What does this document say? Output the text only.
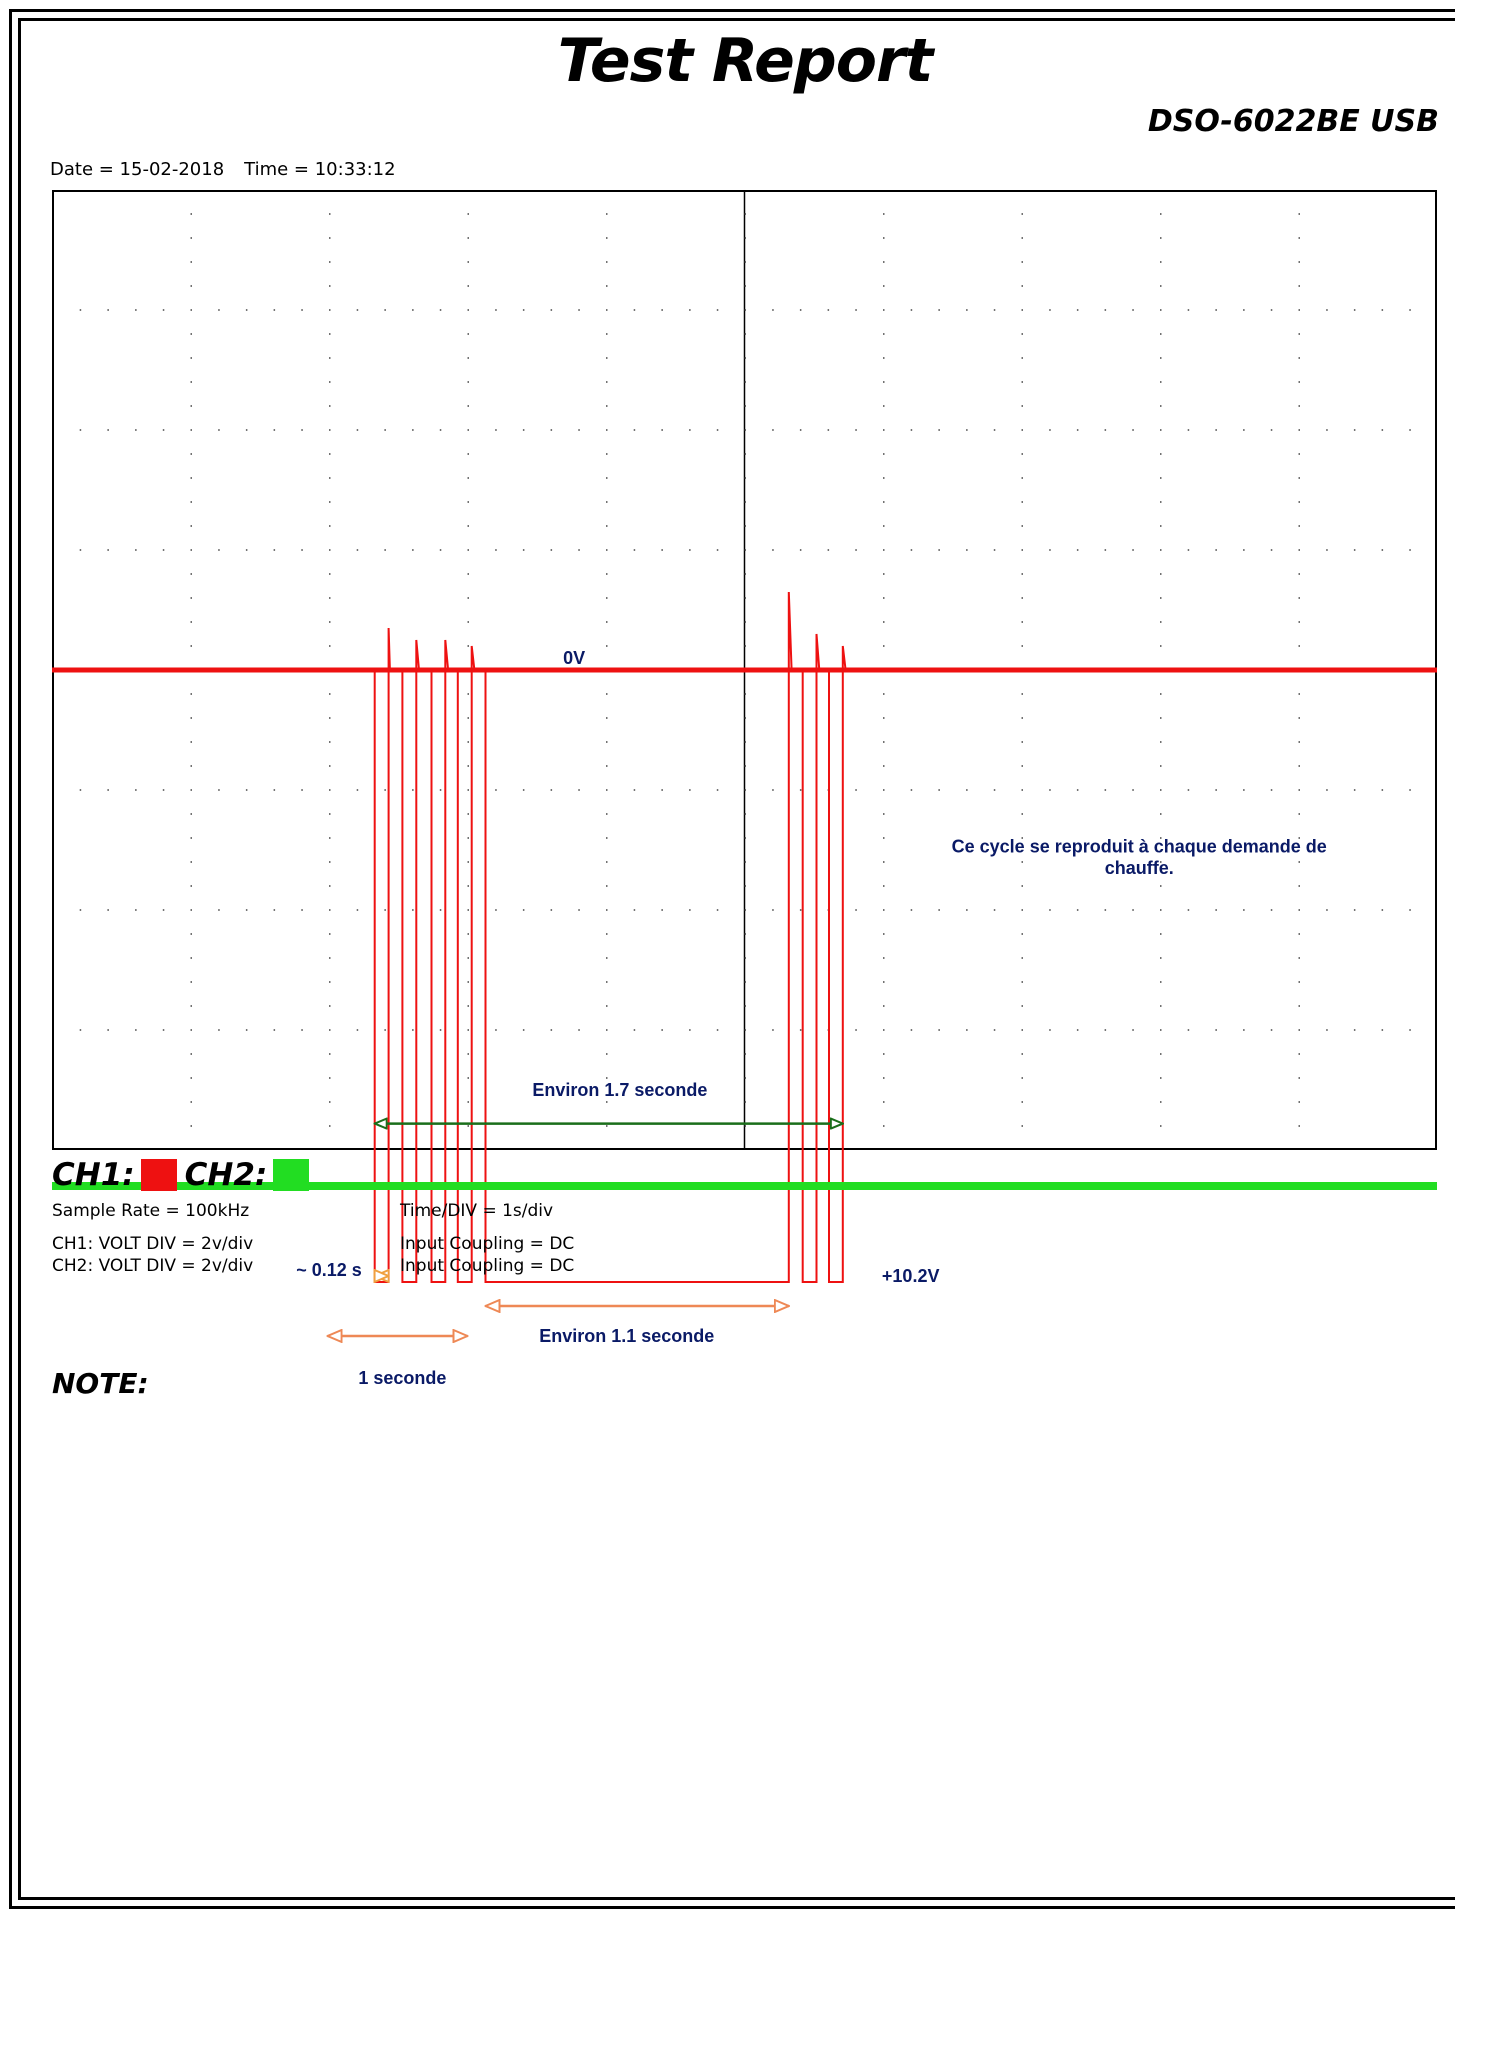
Test Report
DSO-6022BE USB
Date = 15-02-2018 Time = 10:33:12
0V
Ce cycle se reproduit à chaque demande de
chauffe.
Environ 1.7 seconde
~ 0.12 s	+10.2V
Environ 1.1 seconde
1 seconde
CH1: CH2:
Sample Rate = 100kHz	Time/DIV = 1s/div
CH1: VOLT DIV = 2v/div
CH2: VOLT DIV = 2v/div
Input Coupling = DC
Input Coupling = DC
NOTE:
